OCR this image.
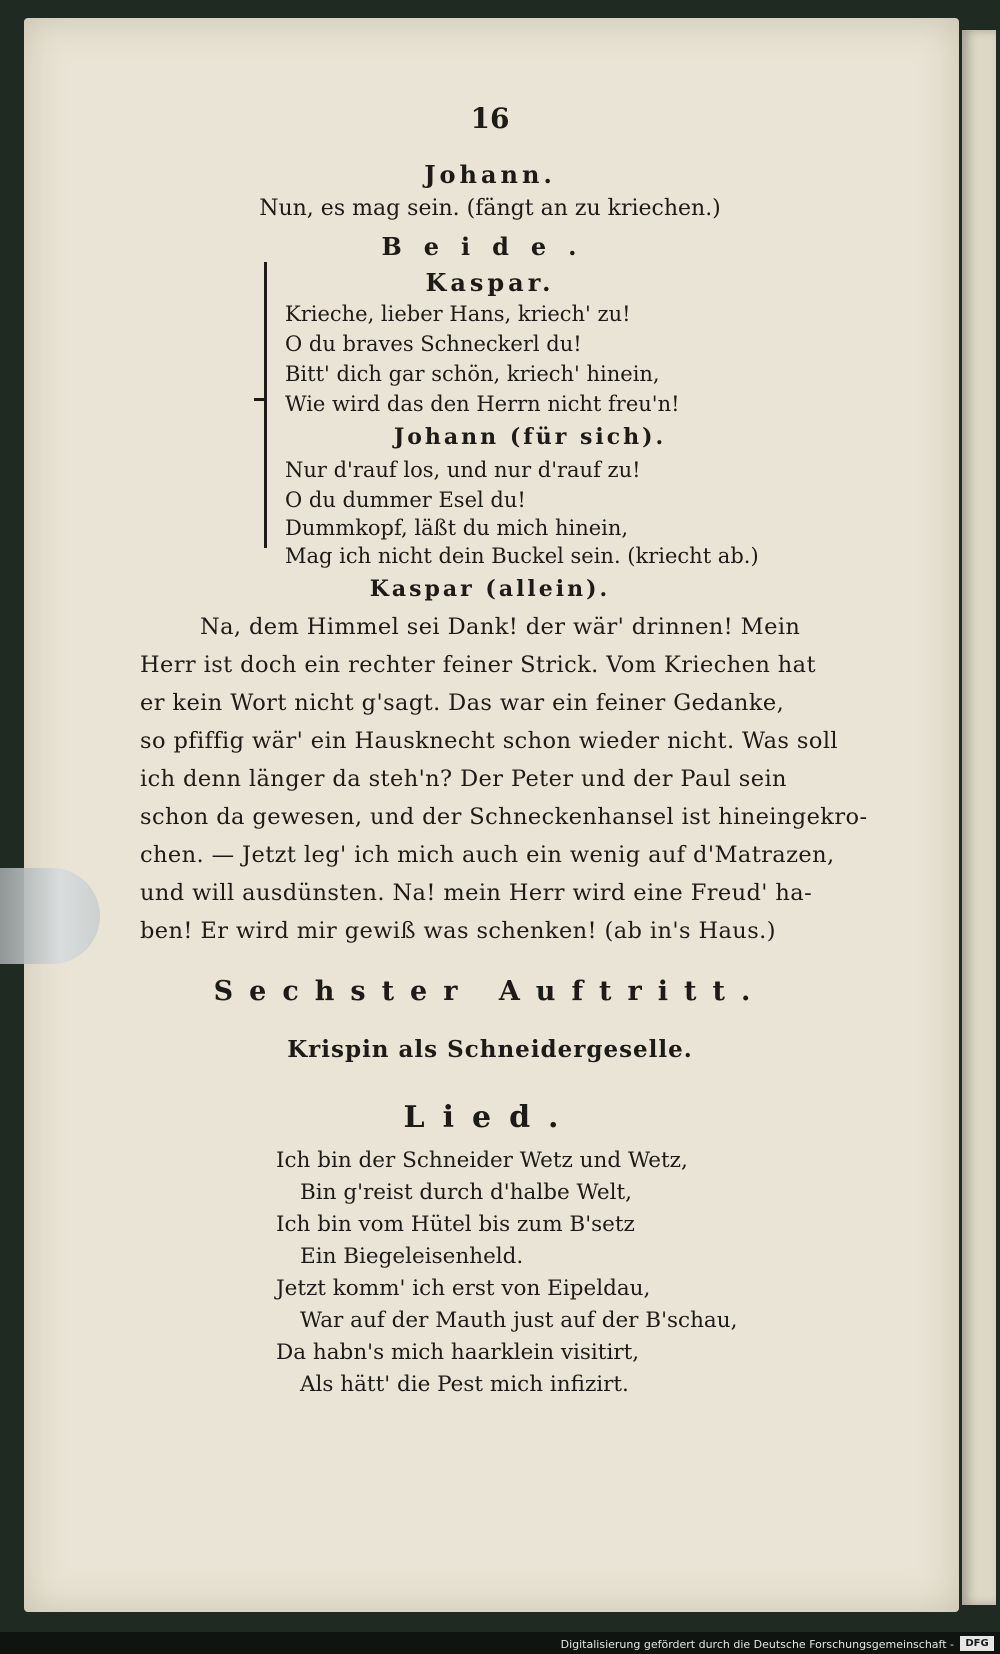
16
Johann.
Nun, es mag sein. (fängt an zu kriechen.)
Beide.
Kaspar.
Krieche, lieber Hans, kriech' zu!
O du braves Schneckerl du!
Bitt' dich gar schön, kriech' hinein,
Wie wird das den Herrn nicht freu'n!
Johann (für sich).
Nur d'rauf los, und nur d'rauf zu!
O du dummer Esel du!
Dummkopf, läßt du mich hinein,
Mag ich nicht dein Buckel sein. (kriecht ab.)
Kaspar (allein).
Na, dem Himmel sei Dank! der wär' drinnen! Mein
Herr ist doch ein rechter feiner Strick. Vom Kriechen hat
er kein Wort nicht g'sagt. Das war ein feiner Gedanke,
so pfiffig wär' ein Hausknecht schon wieder nicht. Was soll
ich denn länger da steh'n? Der Peter und der Paul sein
schon da gewesen, und der Schneckenhansel ist hineingekro-
chen. — Jetzt leg' ich mich auch ein wenig auf d'Matrazen,
und will ausdünsten. Na! mein Herr wird eine Freud' ha-
ben! Er wird mir gewiß was schenken! (ab in's Haus.)
Sechster Auftritt.
Krispin als Schneidergeselle.
Lied.
Ich bin der Schneider Wetz und Wetz,
Bin g'reist durch d'halbe Welt,
Ich bin vom Hütel bis zum B'setz
Ein Biegeleisenheld.
Jetzt komm' ich erst von Eipeldau,
War auf der Mauth just auf der B'schau,
Da habn's mich haarklein visitirt,
Als hätt' die Pest mich infizirt.
Digitalisierung gefördert durch die Deutsche Forschungsgemeinschaft -	DFG
